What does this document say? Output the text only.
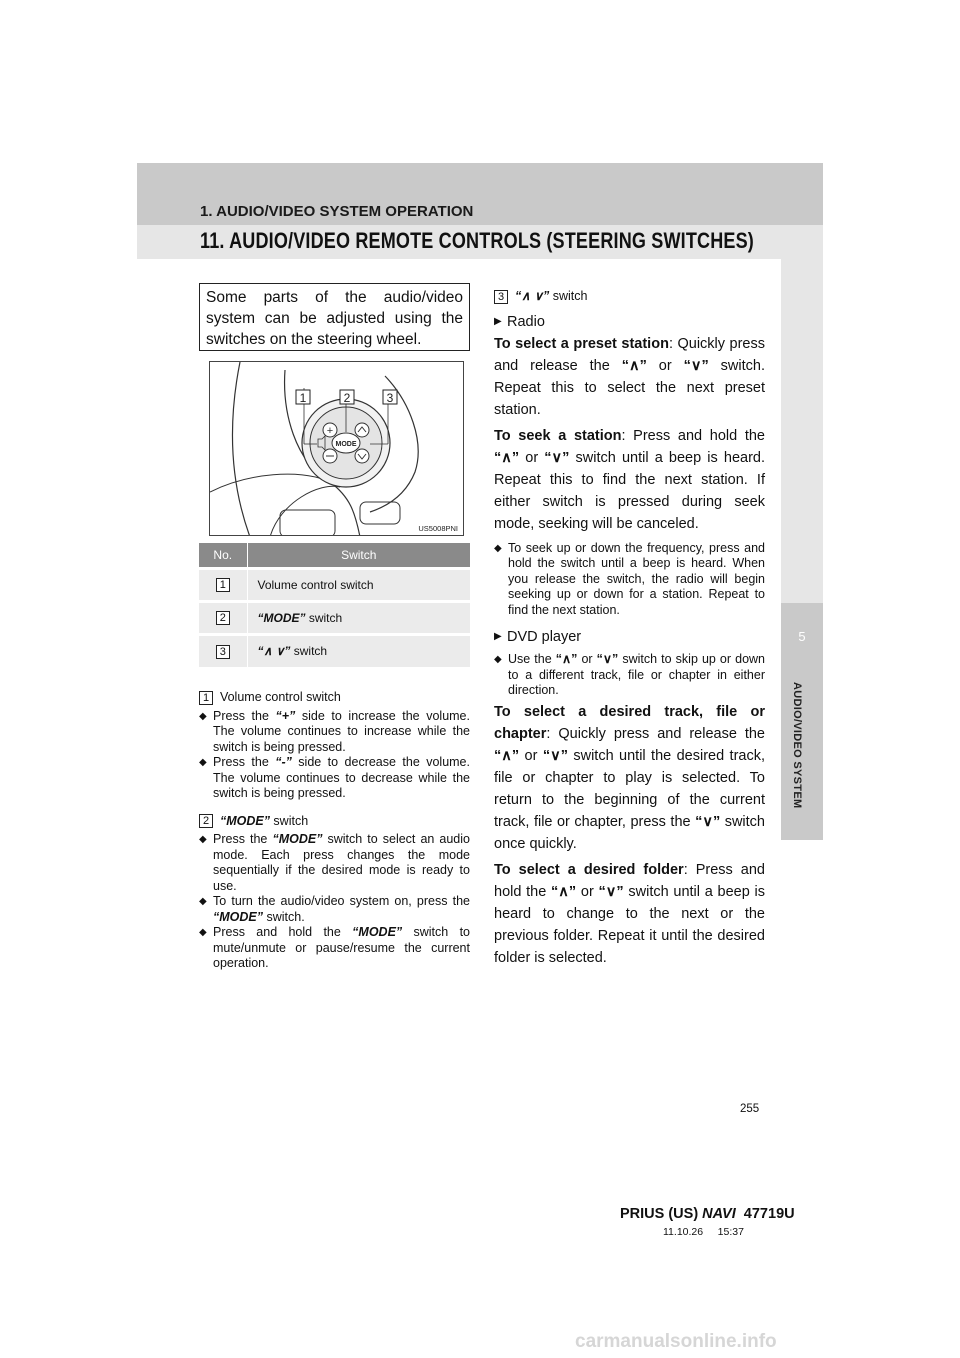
1. AUDIO/VIDEO SYSTEM OPERATION
11. AUDIO/VIDEO REMOTE CONTROLS (STEERING SWITCHES)
5
AUDIO/VIDEO SYSTEM
Some parts of the audio/video system can be adjusted using the switches on the steering wheel.
+
MODE
1	2	3
US5008PNI
No.	Switch
1	Volume control switch
2	“MODE” switch
3	“∧ ∨” switch
1 Volume control switch
◆ Press the “+” side to increase the volume. The volume continues to increase while the switch is being pressed.
◆ Press the “-” side to decrease the volume. The volume continues to decrease while the switch is being pressed.
2 “MODE” switch
◆ Press the “MODE” switch to select an audio mode. Each press changes the mode sequentially if the desired mode is ready to use.
◆ To turn the audio/video system on, press the “MODE” switch.
◆ Press and hold the “MODE” switch to mute/unmute or pause/resume the current operation.
3 “∧ ∨” switch
▶ Radio
To select a preset station: Quickly press and release the “∧” or “∨” switch. Repeat this to select the next preset station.
To seek a station: Press and hold the “∧” or “∨” switch until a beep is heard. Repeat this to find the next station. If either switch is pressed during seek mode, seeking will be canceled.
◆ To seek up or down the frequency, press and hold the switch until a beep is heard. When you release the switch, the radio will begin seeking up or down for a station. Repeat to find the next station.
▶ DVD player
◆ Use the “∧” or “∨” switch to skip up or down to a different track, file or chapter in either direction.
To select a desired track, file or chapter: Quickly press and release the “∧” or “∨” switch until the desired track, file or chapter to play is selected. To return to the beginning of the current track, file or chapter, press the “∨” switch once quickly.
To select a desired folder: Press and hold the “∧” or “∨” switch until a beep is heard to change to the next or the previous folder. Repeat it until the desired folder is selected.
255
PRIUS (US) NAVI  47719U
11.10.26     15:37
carmanualsonline.info
